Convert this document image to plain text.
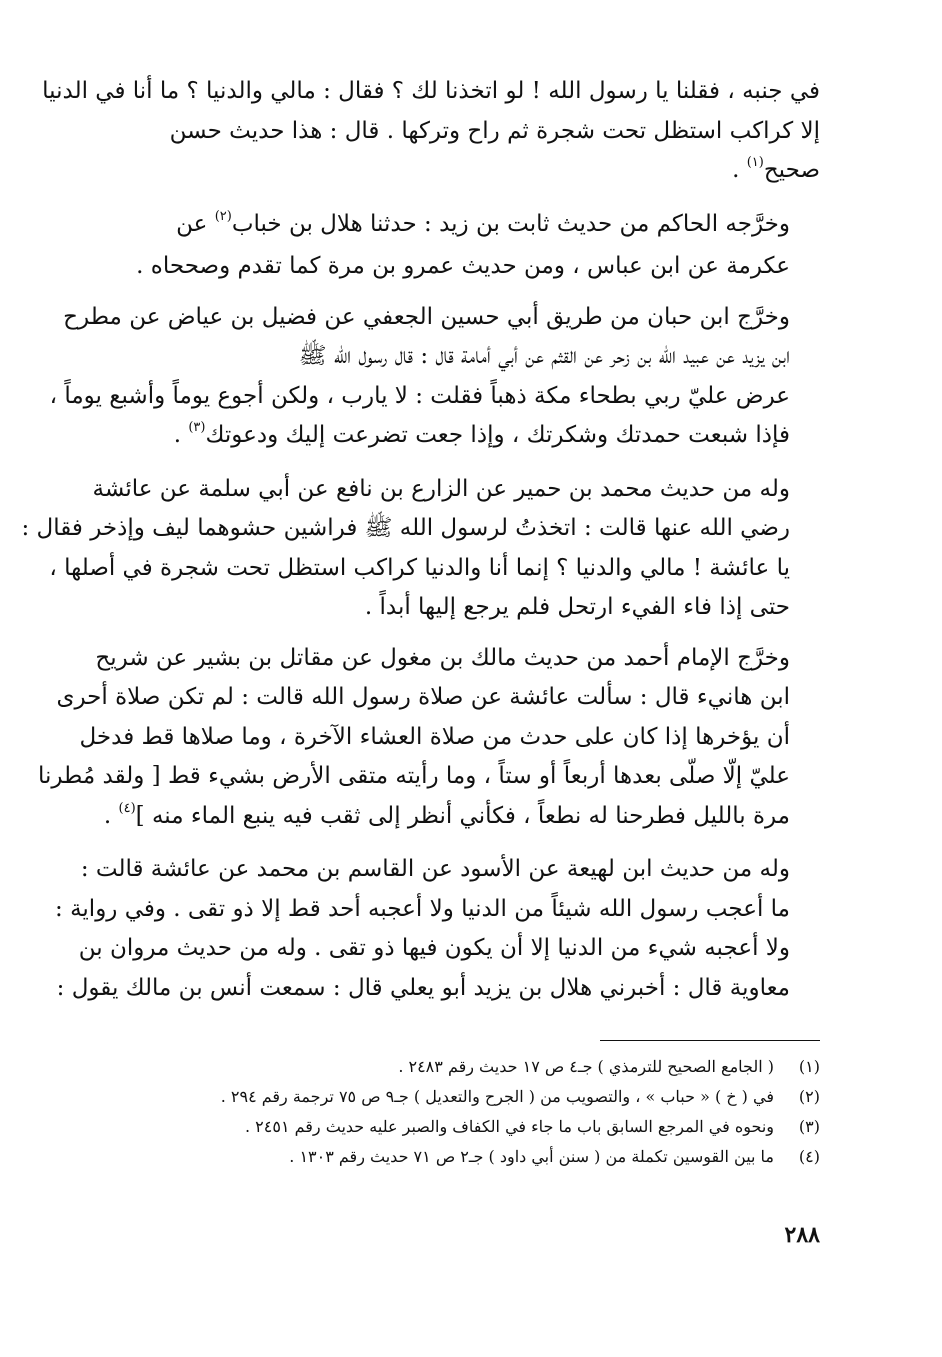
في جنبه ، فقلنا يا رسول الله ! لو اتخذنا لك ؟ فقال : مالي والدنيا ؟ ما أنا في الدنيا
إلا كراكب استظل تحت شجرة ثم راح وتركها . قال : هذا حديث حسن
صحيح$^{(١)}$ .

وخرَّجه الحاكم من حديث ثابت بن زيد : حدثنا هلال بن خباب$^{(٢)}$ عن
عكرمة عن ابن عباس ، ومن حديث عمرو بن مرة كما تقدم وصححاه .

وخرَّج ابن حبان من طريق أبي حسين الجعفي عن فضيل بن عياض عن مطرح
ابن يزيد عن عبيد الله بن زحر عن القثم عن أبي أمامة قال : قال رسول الله ﷺ
عرض عليّ ربي بطحاء مكة ذهباً فقلت : لا يارب ، ولكن أجوع يوماً وأشبع يوماً ،
فإذا شبعت حمدتك وشكرتك ، وإذا جعت تضرعت إليك ودعوتك$^{(٣)}$ .

وله من حديث محمد بن حمير عن الزارع بن نافع عن أبي سلمة عن عائشة
رضي الله عنها قالت : اتخذتُ لرسول الله ﷺ فراشين حشوهما ليف وإذخر فقال :
يا عائشة ! مالي والدنيا ؟ إنما أنا والدنيا كراكب استظل تحت شجرة في أصلها ،
حتى إذا فاء الفيء ارتحل فلم يرجع إليها أبداً .

وخرَّج الإمام أحمد من حديث مالك بن مغول عن مقاتل بن بشير عن شريح
ابن هانيء قال : سألت عائشة عن صلاة رسول الله قالت : لم تكن صلاة أحرى
أن يؤخرها إذا كان على حدث من صلاة العشاء الآخرة ، وما صلاها قط فدخل
عليّ إلّا صلّى بعدها أربعاً أو ستاً ، وما رأيته متقى الأرض بشيء قط [ ولقد مُطرنا
مرة بالليل فطرحنا له نطعاً ، فكأني أنظر إلى ثقب فيه ينبع الماء منه ]$^{(٤)}$ .

وله من حديث ابن لهيعة عن الأسود عن القاسم بن محمد عن عائشة قالت :
ما أعجب رسول الله شيئاً من الدنيا ولا أعجبه أحد قط إلا ذو تقى . وفي رواية :
ولا أعجبه شيء من الدنيا إلا أن يكون فيها ذو تقى . وله من حديث مروان بن
معاوية قال : أخبرني هلال بن يزيد أبو يعلي قال : سمعت أنس بن مالك يقول :

(١)
( الجامع الصحيح للترمذي ) جـ٤ ص ١٧ حديث رقم ٢٤٨٣ .
(٢)
في ( خ ) « حباب » ، والتصويب من ( الجرح والتعديل ) جـ٩ ص ٧٥ ترجمة رقم ٢٩٤ .
(٣)
ونحوه في المرجع السابق باب ما جاء في الكفاف والصبر عليه حديث رقم ٢٤٥١ .
(٤)
ما بين القوسين تكملة من ( سنن أبي داود ) جـ٢ ص ٧١ حديث رقم ١٣٠٣ .
٢٨٨
